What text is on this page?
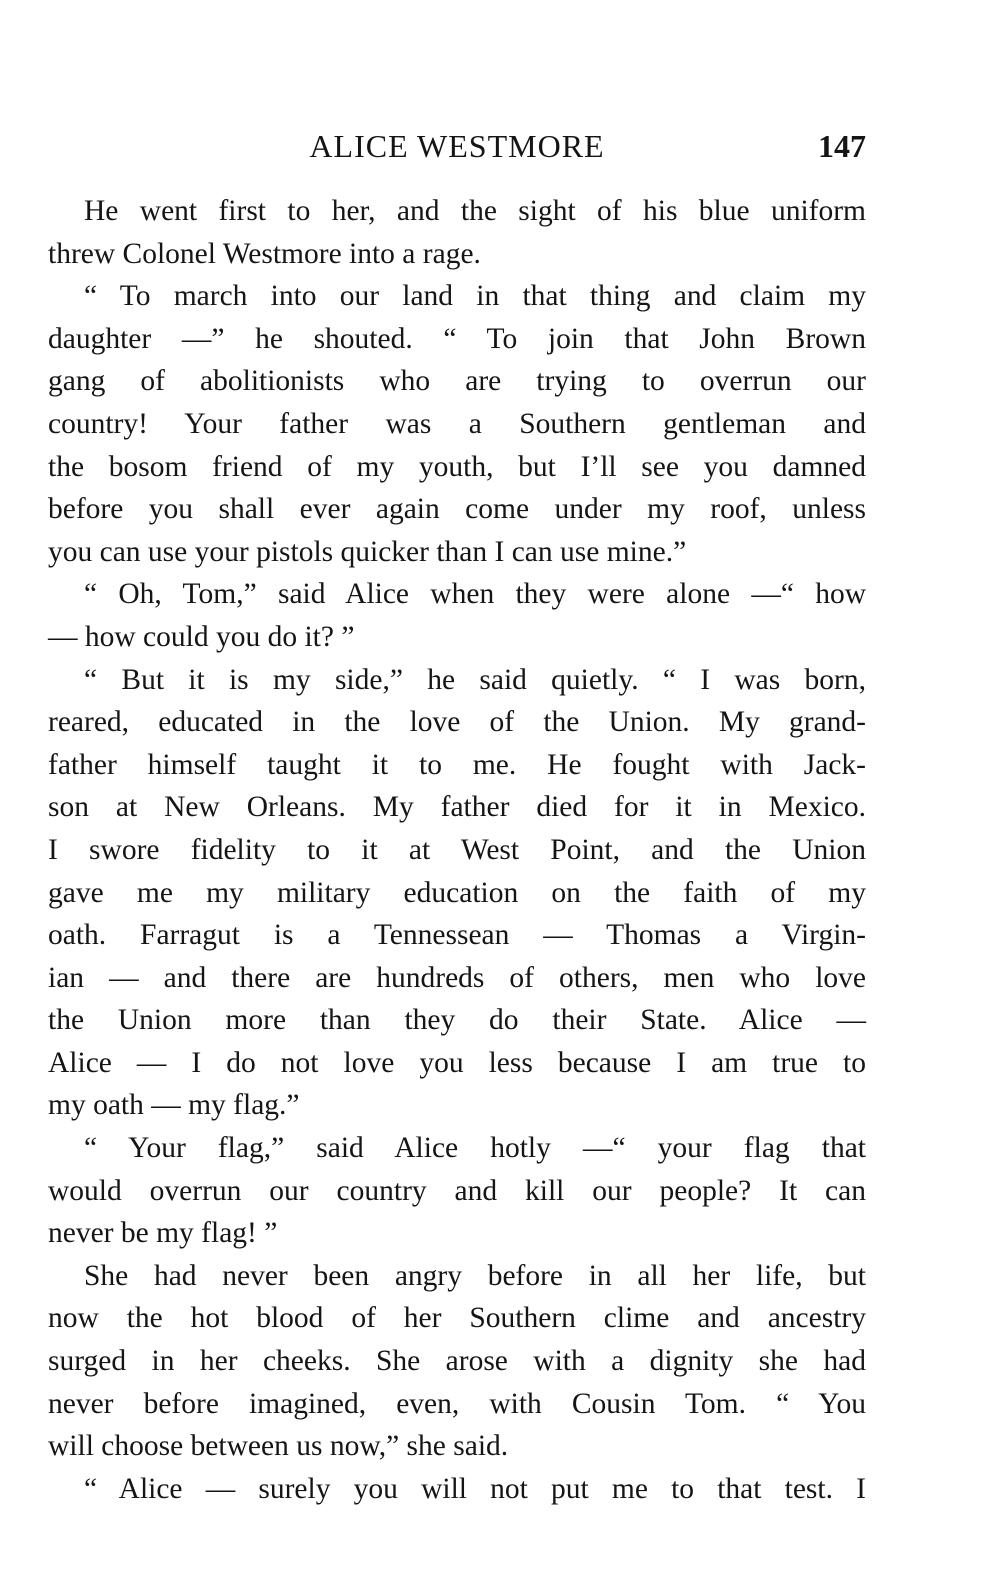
ALICE WESTMORE	147
He went first to her, and the sight of his blue uniform
threw Colonel Westmore into a rage.
“ To march into our land in that thing and claim my
daughter —” he shouted. “ To join that John Brown
gang of abolitionists who are trying to overrun our
country! Your father was a Southern gentleman and
the bosom friend of my youth, but I’ll see you damned
before you shall ever again come under my roof, unless
you can use your pistols quicker than I can use mine.”
“ Oh, Tom,” said Alice when they were alone —“ how
— how could you do it? ”
“ But it is my side,” he said quietly. “ I was born,
reared, educated in the love of the Union. My grand-
father himself taught it to me. He fought with Jack-
son at New Orleans. My father died for it in Mexico.
I swore fidelity to it at West Point, and the Union
gave me my military education on the faith of my
oath. Farragut is a Tennessean — Thomas a Virgin-
ian — and there are hundreds of others, men who love
the Union more than they do their State. Alice —
Alice — I do not love you less because I am true to
my oath — my flag.”
“ Your flag,” said Alice hotly —“ your flag that
would overrun our country and kill our people? It can
never be my flag! ”
She had never been angry before in all her life, but
now the hot blood of her Southern clime and ancestry
surged in her cheeks. She arose with a dignity she had
never before imagined, even, with Cousin Tom. “ You
will choose between us now,” she said.
“ Alice — surely you will not put me to that test. I
